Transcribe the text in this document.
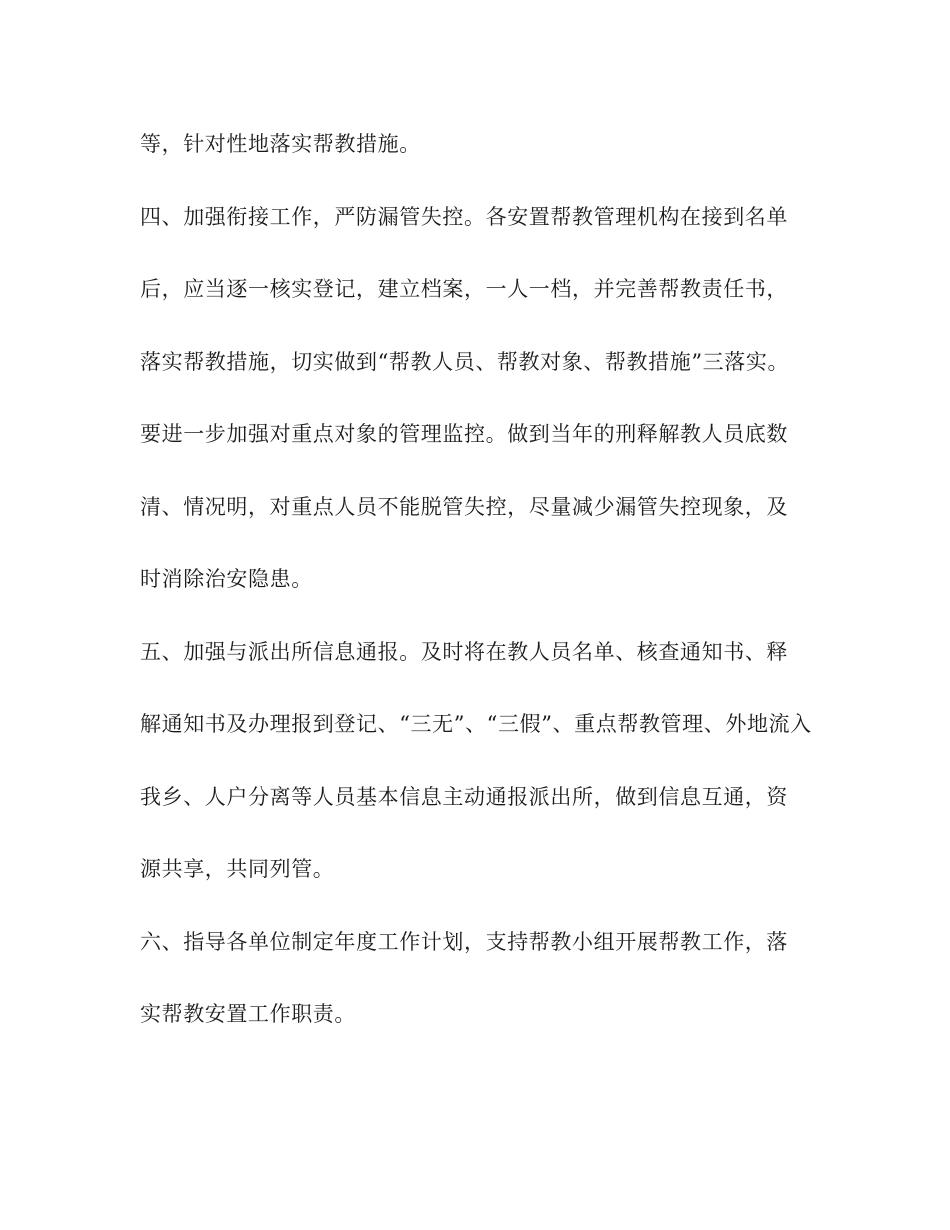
等，针对性地落实帮教措施。
四、加强衔接工作，严防漏管失控。各安置帮教管理机构在接到名单
后，应当逐一核实登记，建立档案，一人一档，并完善帮教责任书，
落实帮教措施，切实做到“帮教人员、帮教对象、帮教措施”三落实。
要进一步加强对重点对象的管理监控。做到当年的刑释解教人员底数
清、情况明，对重点人员不能脱管失控，尽量减少漏管失控现象，及
时消除治安隐患。
五、加强与派出所信息通报。及时将在教人员名单、核查通知书、释
解通知书及办理报到登记、“三无”、“三假”、重点帮教管理、外地流入
我乡、人户分离等人员基本信息主动通报派出所，做到信息互通，资
源共享，共同列管。
六、指导各单位制定年度工作计划，支持帮教小组开展帮教工作，落
实帮教安置工作职责。
